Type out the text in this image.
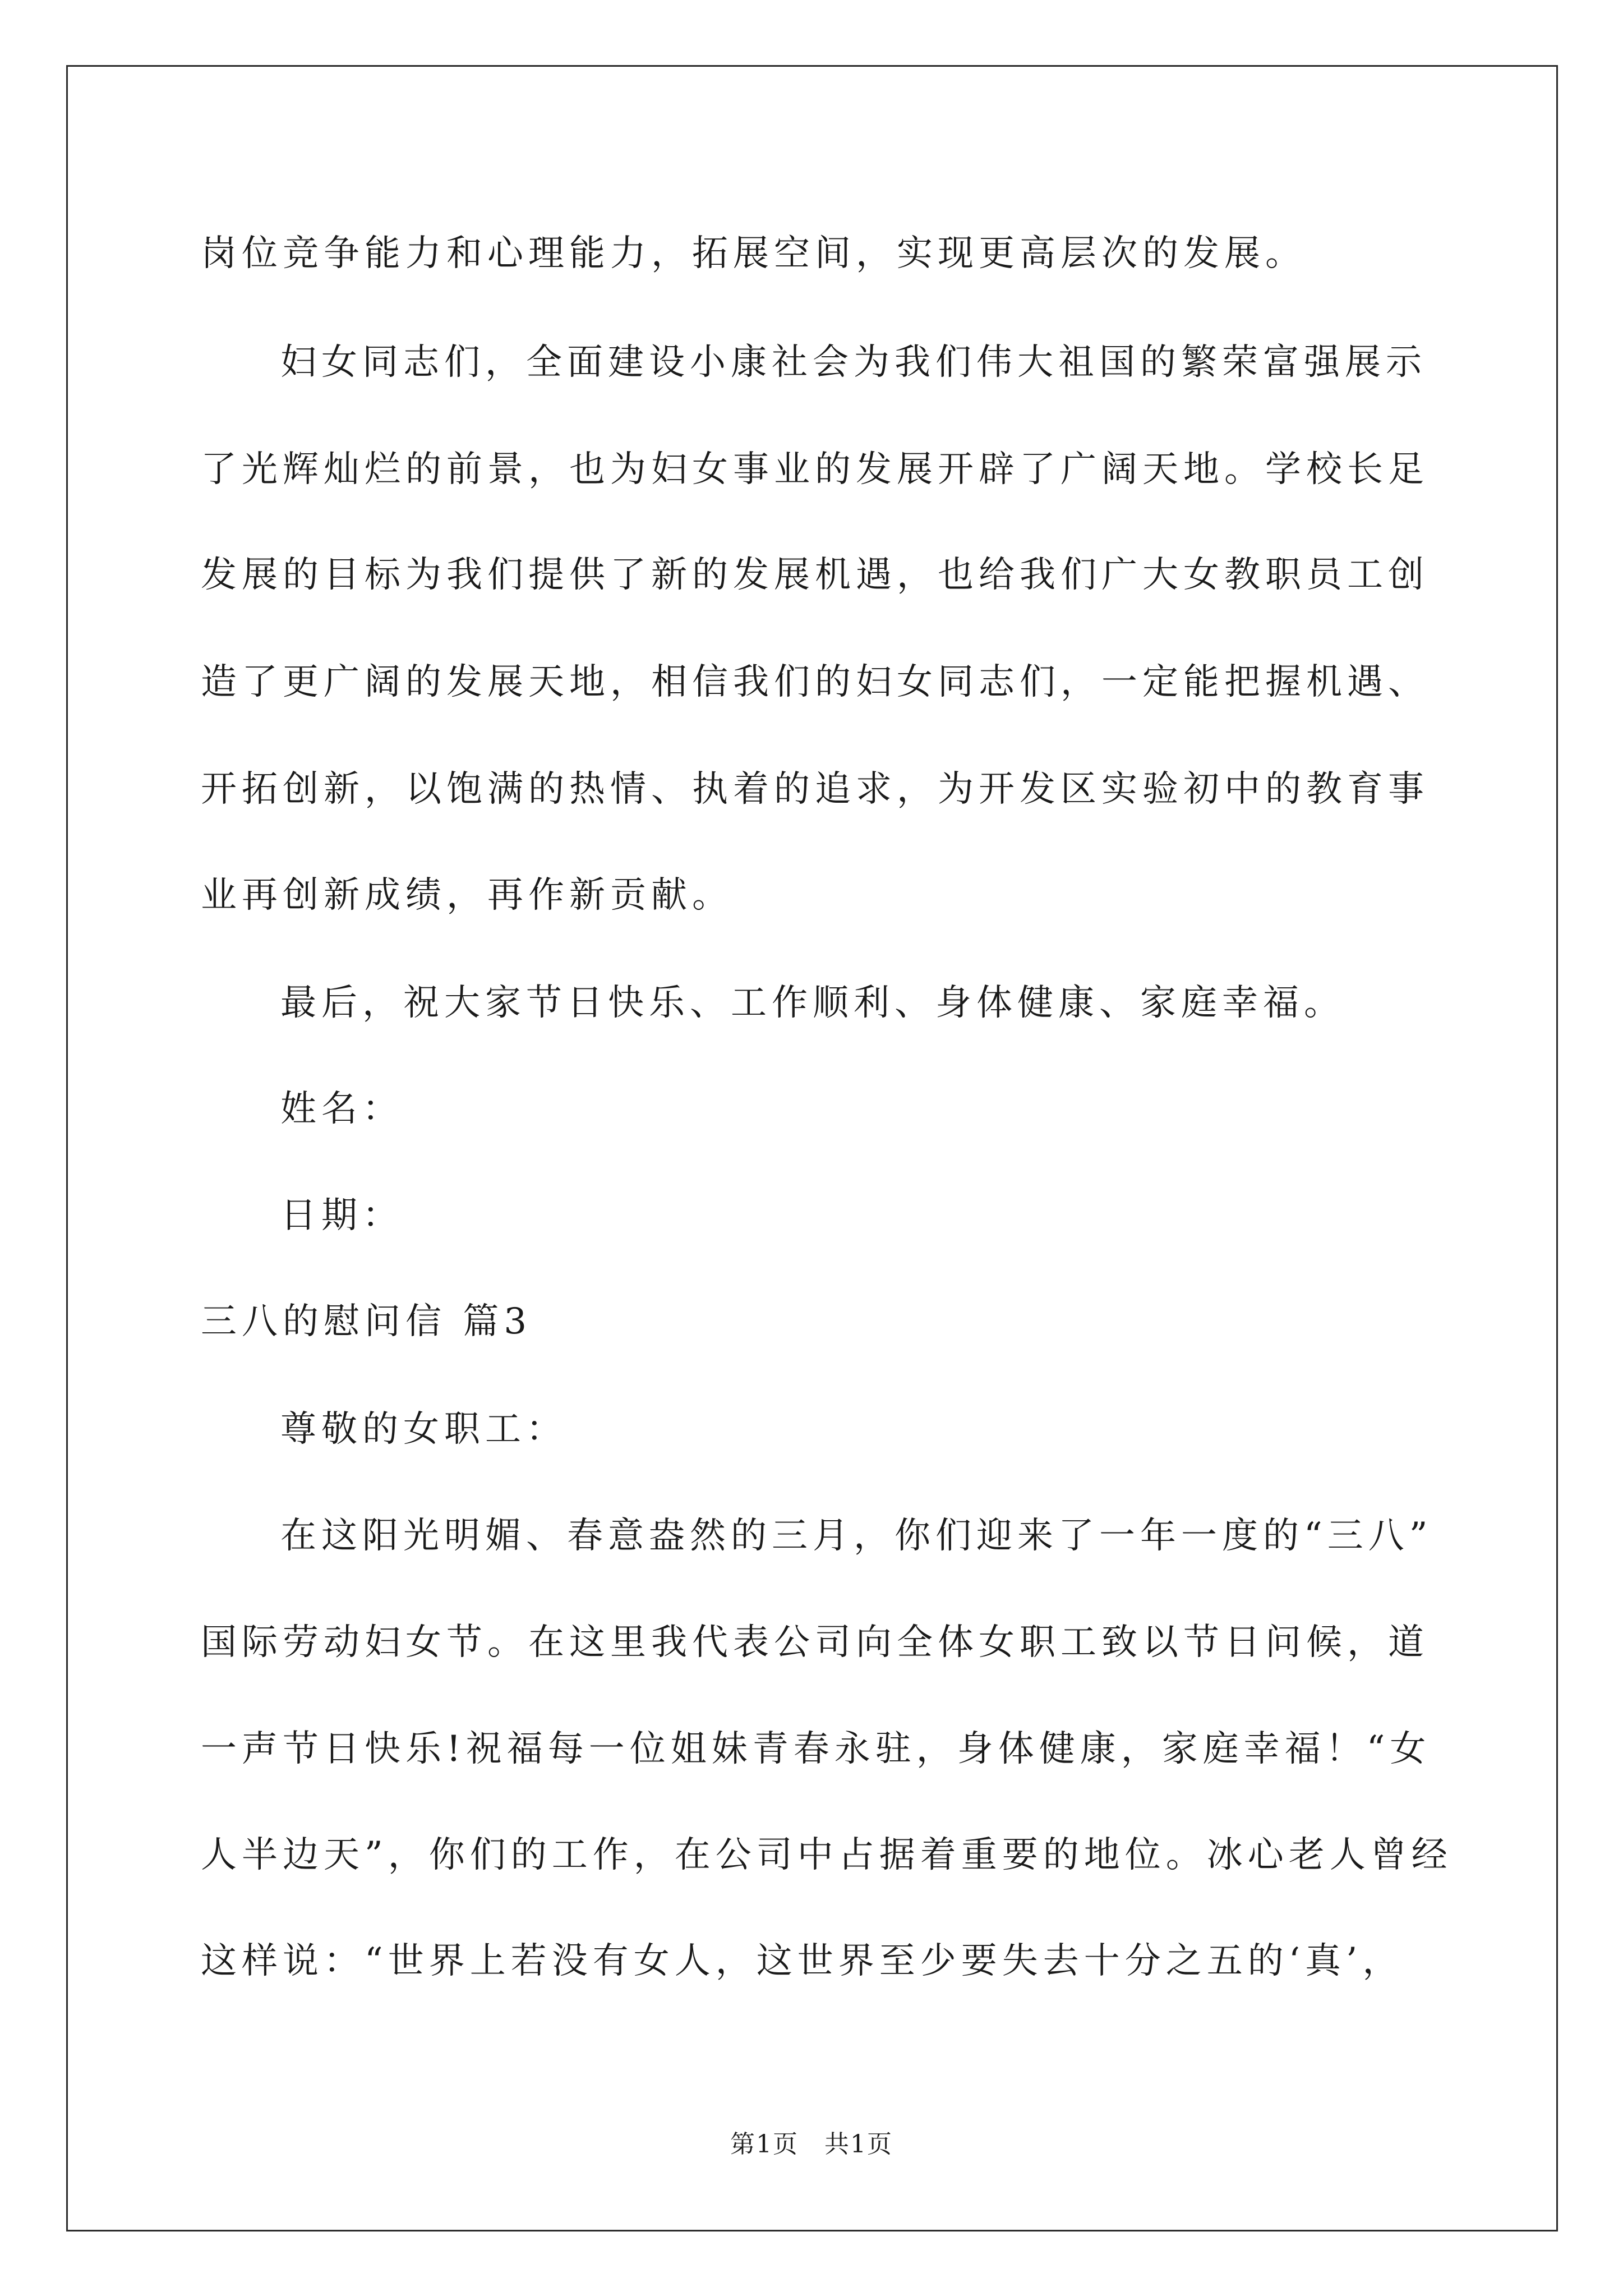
岗位竞争能力和心理能力，拓展空间，实现更高层次的发展。
妇女同志们，全面建设小康社会为我们伟大祖国的繁荣富强展示
了光辉灿烂的前景，也为妇女事业的发展开辟了广阔天地。学校长足
发展的目标为我们提供了新的发展机遇，也给我们广大女教职员工创
造了更广阔的发展天地，相信我们的妇女同志们，一定能把握机遇、
开拓创新，以饱满的热情、执着的追求，为开发区实验初中的教育事
业再创新成绩，再作新贡献。
最后，祝大家节日快乐、工作顺利、身体健康、家庭幸福。
姓名：
日期：
三八的慰问信 篇3
尊敬的女职工：
在这阳光明媚、春意盎然的三月，你们迎来了一年一度的“三八”
国际劳动妇女节。在这里我代表公司向全体女职工致以节日问候，道
一声节日快乐!祝福每一位姐妹青春永驻，身体健康，家庭幸福！“女
人半边天”，你们的工作，在公司中占据着重要的地位。冰心老人曾经
这样说：“世界上若没有女人，这世界至少要失去十分之五的‘真’，
第1页　共1页
